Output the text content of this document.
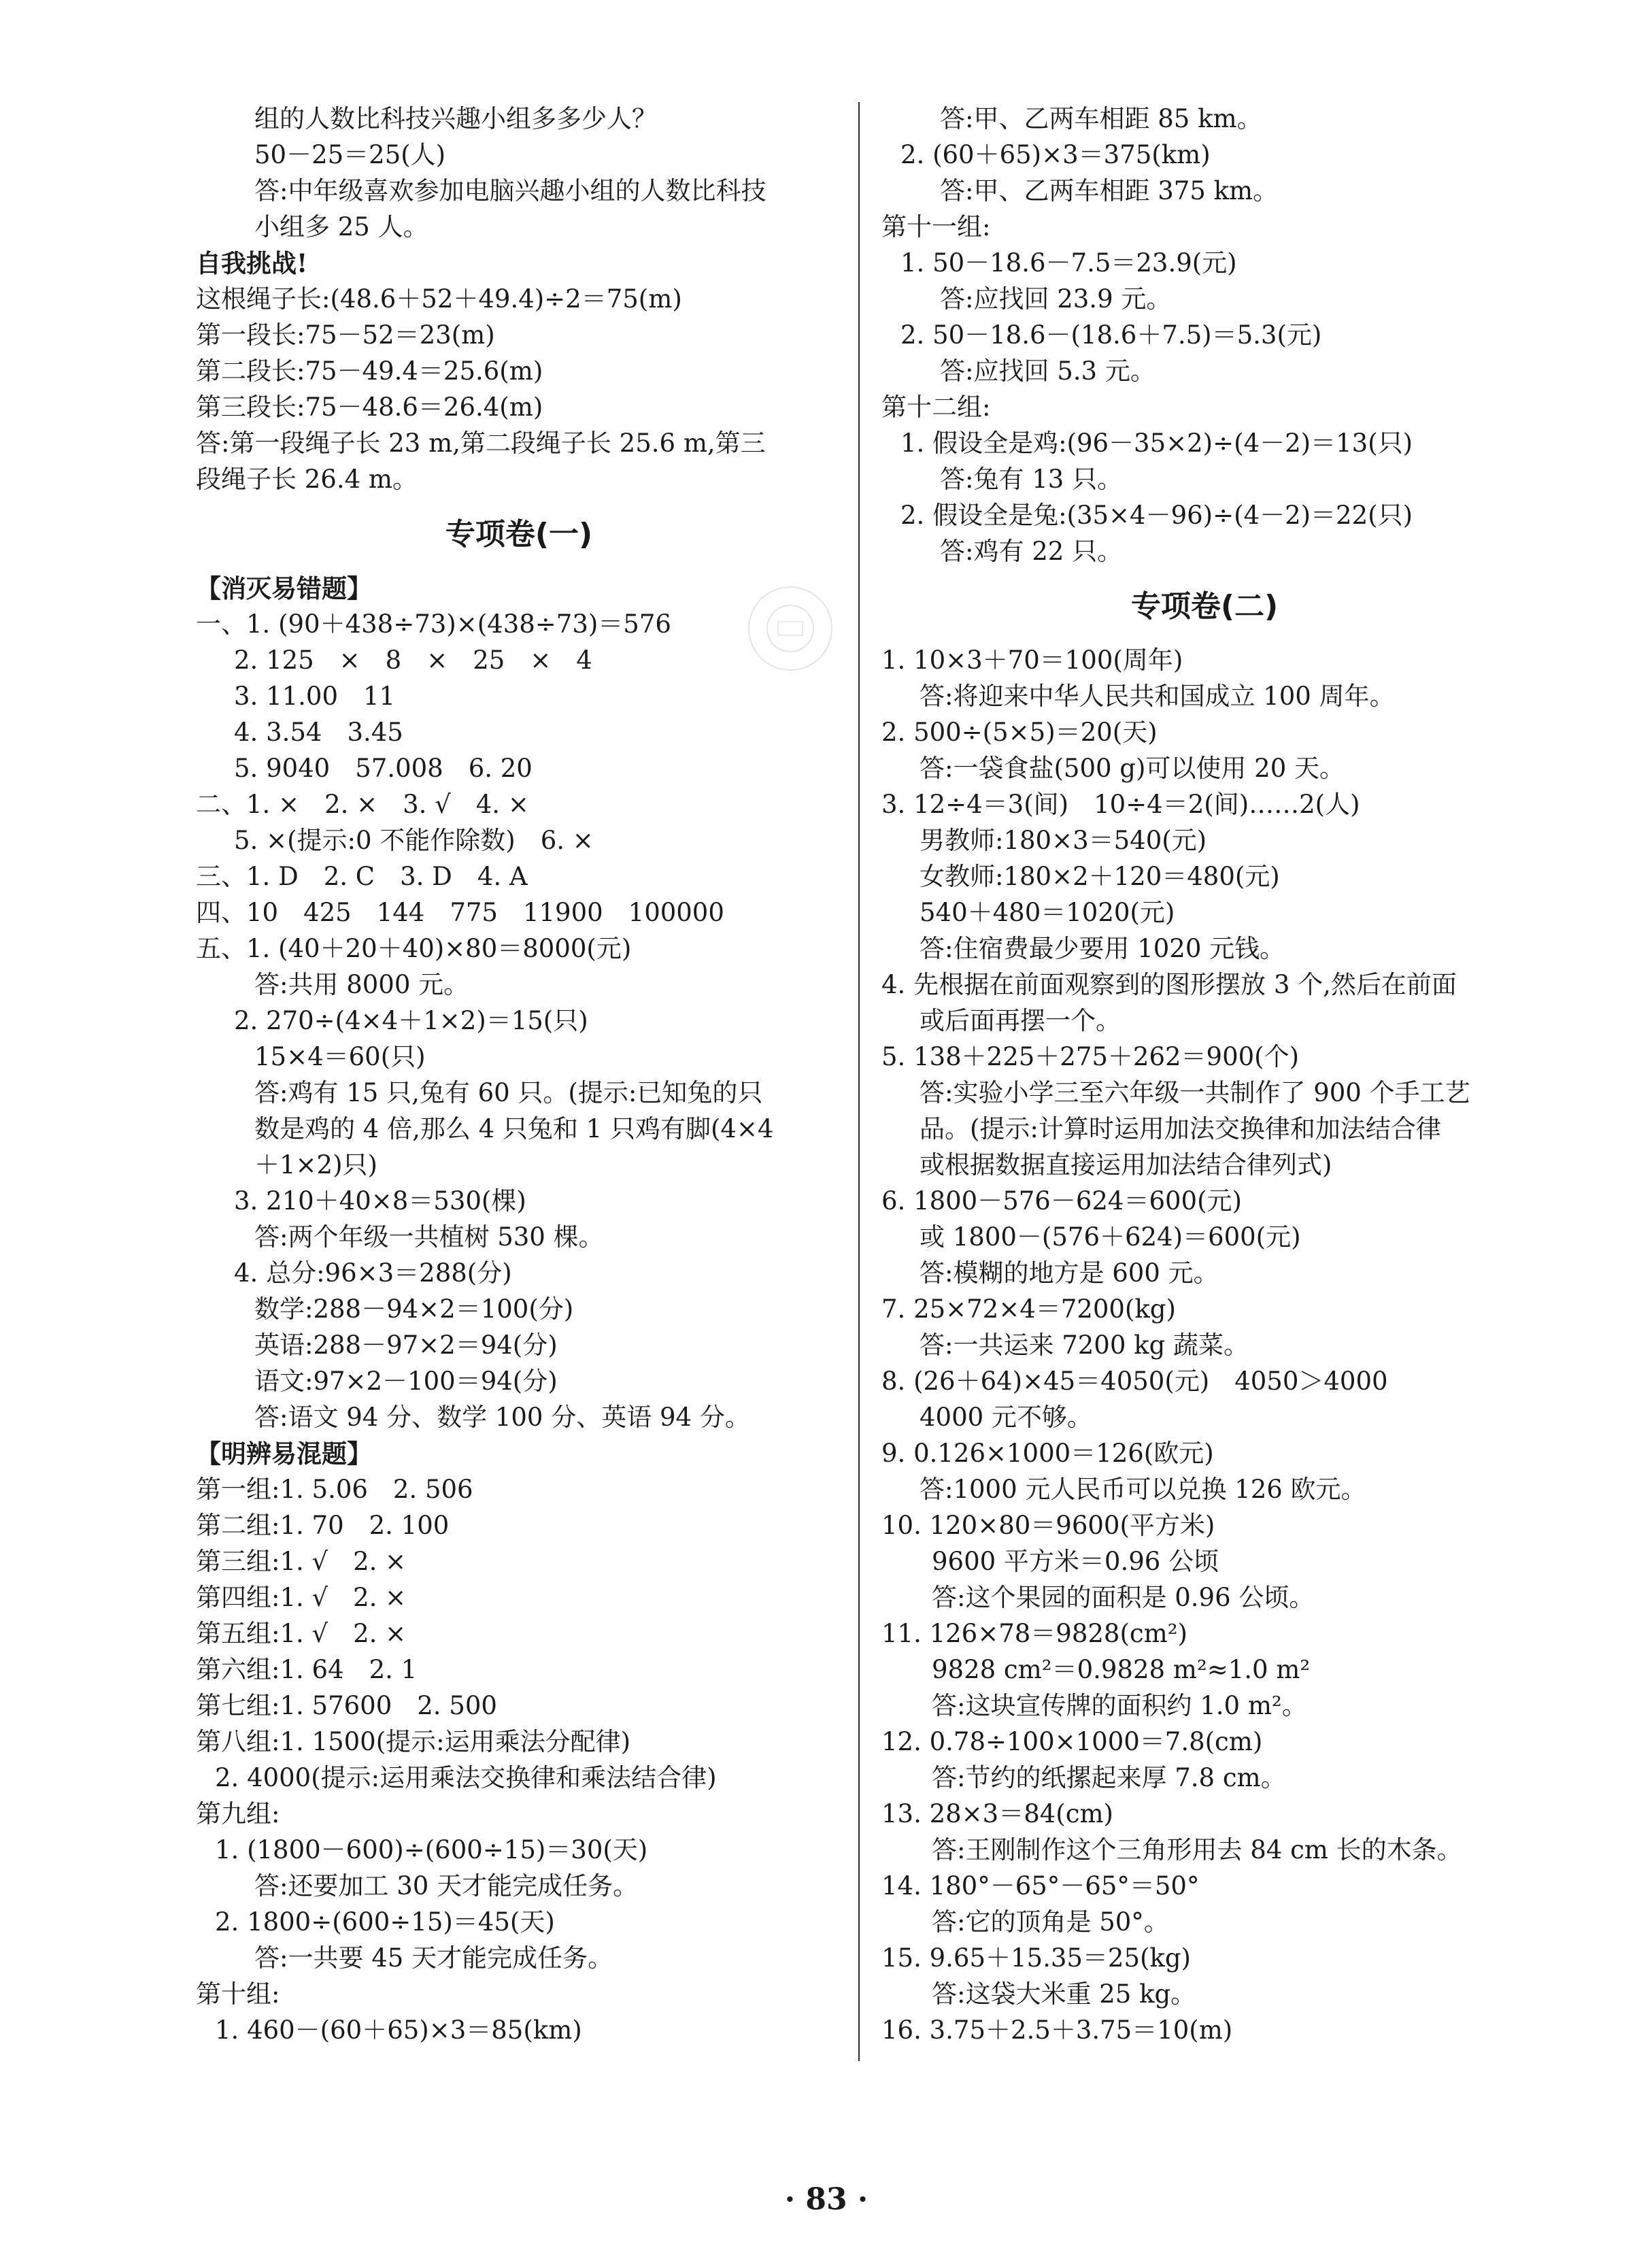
组的人数比科技兴趣小组多多少人？
50－25＝25(人)
答:中年级喜欢参加电脑兴趣小组的人数比科技
小组多 25 人。
自我挑战!
这根绳子长:(48.6＋52＋49.4)÷2＝75(m)
第一段长:75－52＝23(m)
第二段长:75－49.4＝25.6(m)
第三段长:75－48.6＝26.4(m)
答:第一段绳子长 23 m,第二段绳子长 25.6 m,第三
段绳子长 26.4 m。
专项卷(一)
【消灭易错题】
一、1. (90＋438÷73)×(438÷73)＝576
2. 125　×　8　×　25　×　4
3. 11.00　11
4. 3.54　3.45
5. 9040　57.008　6. 20
二、1. ×　2. ×　3. √　4. ×
5. ×(提示:0 不能作除数)　6. ×
三、1. D　2. C　3. D　4. A
四、10　425　144　775　11900　100000
五、1. (40＋20＋40)×80＝8000(元)
答:共用 8000 元。
2. 270÷(4×4＋1×2)＝15(只)
15×4＝60(只)
答:鸡有 15 只,兔有 60 只。(提示:已知兔的只
数是鸡的 4 倍,那么 4 只兔和 1 只鸡有脚(4×4
＋1×2)只)
3. 210＋40×8＝530(棵)
答:两个年级一共植树 530 棵。
4. 总分:96×3＝288(分)
数学:288－94×2＝100(分)
英语:288－97×2＝94(分)
语文:97×2－100＝94(分)
答:语文 94 分、数学 100 分、英语 94 分。
【明辨易混题】
第一组:1. 5.06　2. 506
第二组:1. 70　2. 100
第三组:1. √　2. ×
第四组:1. √　2. ×
第五组:1. √　2. ×
第六组:1. 64　2. 1
第七组:1. 57600　2. 500
第八组:1. 1500(提示:运用乘法分配律)
2. 4000(提示:运用乘法交换律和乘法结合律)
第九组:
1. (1800－600)÷(600÷15)＝30(天)
答:还要加工 30 天才能完成任务。
2. 1800÷(600÷15)＝45(天)
答:一共要 45 天才能完成任务。
第十组:
1. 460－(60＋65)×3＝85(km)
答:甲、乙两车相距 85 km。
2. (60＋65)×3＝375(km)
答:甲、乙两车相距 375 km。
第十一组:
1. 50－18.6－7.5＝23.9(元)
答:应找回 23.9 元。
2. 50－18.6－(18.6＋7.5)＝5.3(元)
答:应找回 5.3 元。
第十二组:
1. 假设全是鸡:(96－35×2)÷(4－2)＝13(只)
答:兔有 13 只。
2. 假设全是兔:(35×4－96)÷(4－2)＝22(只)
答:鸡有 22 只。
专项卷(二)
1. 10×3＋70＝100(周年)
答:将迎来中华人民共和国成立 100 周年。
2. 500÷(5×5)＝20(天)
答:一袋食盐(500 g)可以使用 20 天。
3. 12÷4＝3(间)　10÷4＝2(间)……2(人)
男教师:180×3＝540(元)
女教师:180×2＋120＝480(元)
540＋480＝1020(元)
答:住宿费最少要用 1020 元钱。
4. 先根据在前面观察到的图形摆放 3 个,然后在前面
或后面再摆一个。
5. 138＋225＋275＋262＝900(个)
答:实验小学三至六年级一共制作了 900 个手工艺
品。(提示:计算时运用加法交换律和加法结合律
或根据数据直接运用加法结合律列式)
6. 1800－576－624＝600(元)
或 1800－(576＋624)＝600(元)
答:模糊的地方是 600 元。
7. 25×72×4＝7200(kg)
答:一共运来 7200 kg 蔬菜。
8. (26＋64)×45＝4050(元)　4050＞4000
4000 元不够。
9. 0.126×1000＝126(欧元)
答:1000 元人民币可以兑换 126 欧元。
10. 120×80＝9600(平方米)
9600 平方米＝0.96 公顷
答:这个果园的面积是 0.96 公顷。
11. 126×78＝9828(cm²)
9828 cm²＝0.9828 m²≈1.0 m²
答:这块宣传牌的面积约 1.0 m²。
12. 0.78÷100×1000＝7.8(cm)
答:节约的纸摞起来厚 7.8 cm。
13. 28×3＝84(cm)
答:王刚制作这个三角形用去 84 cm 长的木条。
14. 180°－65°－65°＝50°
答:它的顶角是 50°。
15. 9.65＋15.35＝25(kg)
答:这袋大米重 25 kg。
16. 3.75＋2.5＋3.75＝10(m)
· 83 ·
